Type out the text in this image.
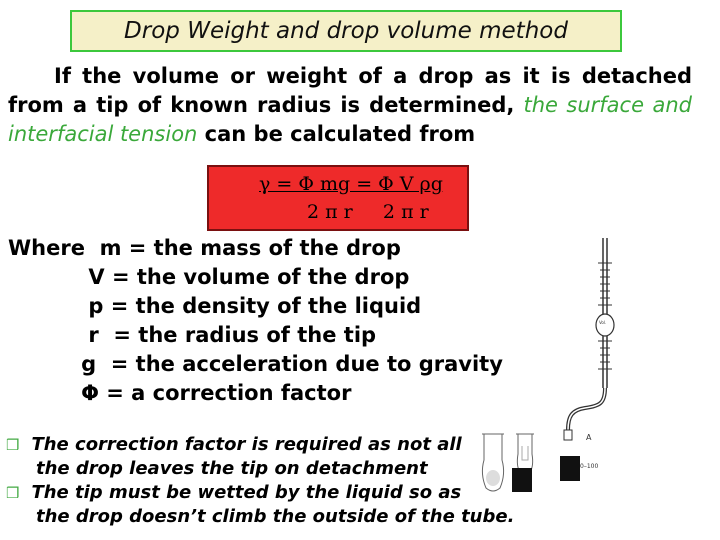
Drop Weight and drop volume method
If the volume or weight of a drop as it is detached from a tip of known radius is determined, the surface and interfacial tension can be calculated from
$\frac{\text{γ = Φ mg = Φ V ρg}}{\text{2 π r     2 π r}}$
Where  m = the mass of the drop
V = the volume of the drop
p = the density of the liquid
r  = the radius of the tip
g  = the acceleration due to gravity
Φ = a correction factor
❒ The correction factor is required as not all
the drop leaves the tip on detachment
❒ The tip must be wetted by the liquid so as
the drop doesn’t climb the outside of the tube.
Vol.
A
0–100
